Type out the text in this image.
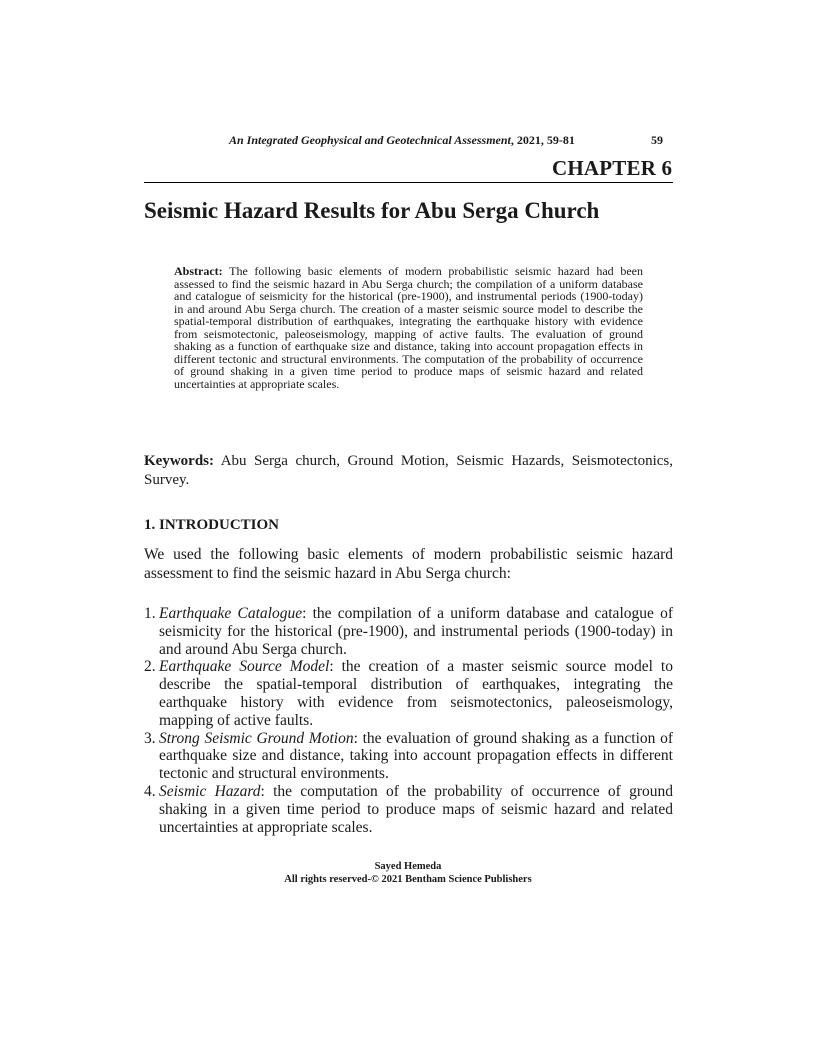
An Integrated Geophysical and Geotechnical Assessment, 2021, 59-81	59
CHAPTER 6
Seismic Hazard Results for Abu Serga Church

Abstract: The following basic elements of modern probabilistic seismic hazard had been assessed to find the seismic hazard in Abu Serga church; the compilation of a uniform database and catalogue of seismicity for the historical (pre-1900), and instrumental periods (1900-today) in and around Abu Serga church. The creation of a master seismic source model to describe the spatial-temporal distribution of earthquakes, integrating the earthquake history with evidence from seismotectonic, paleoseismology, mapping of active faults. The evaluation of ground shaking as a function of earthquake size and distance, taking into account propagation effects in different tectonic and structural environments. The computation of the probability of occurrence of ground shaking in a given time period to produce maps of seismic hazard and related uncertainties at appropriate scales.

Keywords: Abu Serga church, Ground Motion, Seismic Hazards, Seismotectonics, Survey.

1. INTRODUCTION

We used the following basic elements of modern probabilistic seismic hazard assessment to find the seismic hazard in Abu Serga church:

1. Earthquake Catalogue: the compilation of a uniform database and catalogue of seismicity for the historical (pre-1900), and instrumental periods (1900-today) in and around Abu Serga church.
2. Earthquake Source Model: the creation of a master seismic source model to describe the spatial-temporal distribution of earthquakes, integrating the earthquake history with evidence from seismotectonics, paleoseismology, mapping of active faults.
3. Strong Seismic Ground Motion: the evaluation of ground shaking as a function of earthquake size and distance, taking into account propagation effects in different tectonic and structural environments.
4. Seismic Hazard: the computation of the probability of occurrence of ground shaking in a given time period to produce maps of seismic hazard and related uncertainties at appropriate scales.
Sayed Hemeda
All rights reserved-© 2021 Bentham Science Publishers
